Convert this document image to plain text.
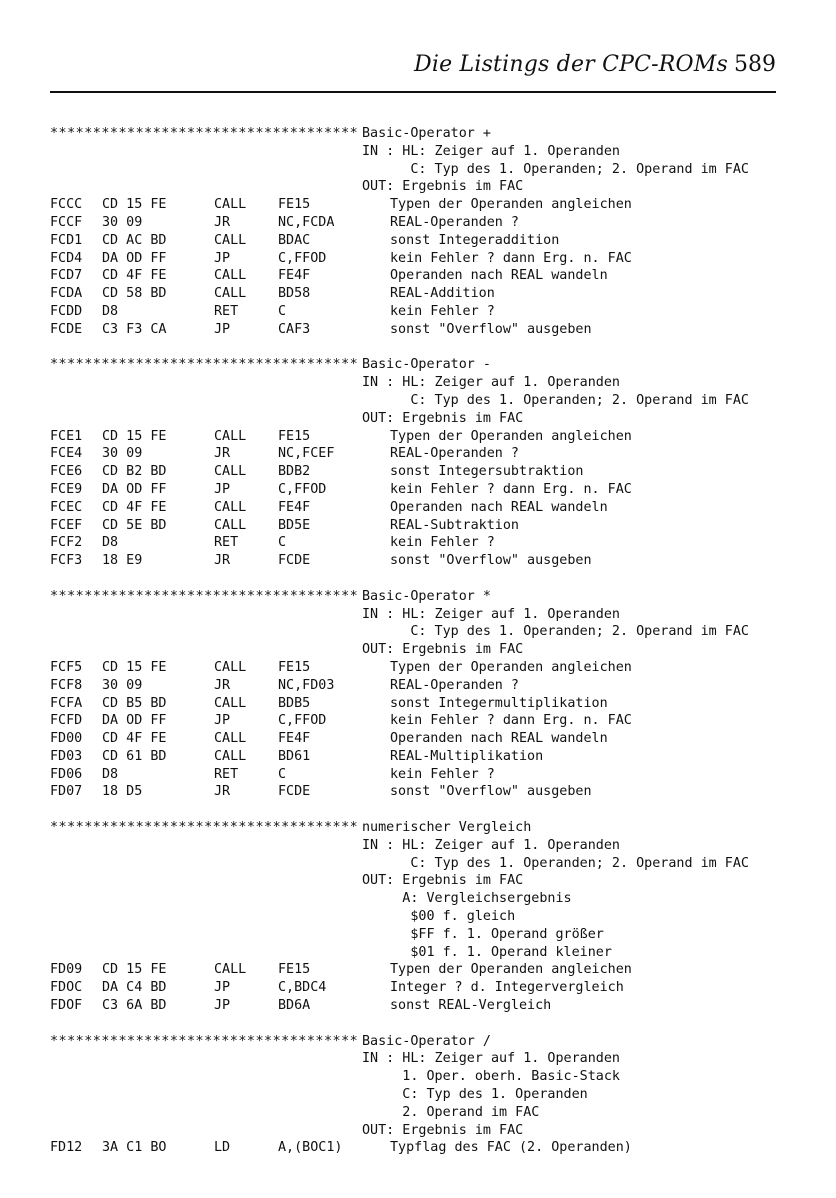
Die Listings der CPC-ROMs 589
************************************ Basic-Operator +
IN : HL: Zeiger auf 1. Operanden
C: Typ des 1. Operanden; 2. Operand im FAC
OUT: Ergebnis im FAC
FCCC CD 15 FE	CALL FE15	Typen der Operanden angleichen
FCCF 30 09	JR	NC,FCDA	REAL-Operanden ?
FCD1 CD AC BD	CALL BDAC	sonst Integeraddition
FCD4 DA OD FF	JP	C,FFOD	kein Fehler ? dann Erg. n. FAC
FCD7 CD 4F FE	CALL FE4F	Operanden nach REAL wandeln
FCDA CD 58 BD	CALL BD58	REAL-Addition
FCDD D8	RET	C	kein Fehler ?
FCDE C3 F3 CA	JP	CAF3	sonst "Overflow" ausgeben
************************************ Basic-Operator -
IN : HL: Zeiger auf 1. Operanden
C: Typ des 1. Operanden; 2. Operand im FAC
OUT: Ergebnis im FAC
FCE1 CD 15 FE	CALL FE15	Typen der Operanden angleichen
FCE4 30 09	JR	NC,FCEF	REAL-Operanden ?
FCE6 CD B2 BD	CALL BDB2	sonst Integersubtraktion
FCE9 DA OD FF	JP	C,FFOD	kein Fehler ? dann Erg. n. FAC
FCEC CD 4F FE	CALL FE4F	Operanden nach REAL wandeln
FCEF CD 5E BD	CALL BD5E	REAL-Subtraktion
FCF2 D8	RET	C	kein Fehler ?
FCF3 18 E9	JR	FCDE	sonst "Overflow" ausgeben
************************************ Basic-Operator *
IN : HL: Zeiger auf 1. Operanden
C: Typ des 1. Operanden; 2. Operand im FAC
OUT: Ergebnis im FAC
FCF5 CD 15 FE	CALL FE15	Typen der Operanden angleichen
FCF8 30 09	JR	NC,FD03	REAL-Operanden ?
FCFA CD B5 BD	CALL BDB5	sonst Integermultiplikation
FCFD DA OD FF	JP	C,FFOD	kein Fehler ? dann Erg. n. FAC
FD00 CD 4F FE	CALL FE4F	Operanden nach REAL wandeln
FD03 CD 61 BD	CALL BD61	REAL-Multiplikation
FD06 D8	RET	C	kein Fehler ?
FD07 18 D5	JR	FCDE	sonst "Overflow" ausgeben
************************************ numerischer Vergleich
IN : HL: Zeiger auf 1. Operanden
C: Typ des 1. Operanden; 2. Operand im FAC
OUT: Ergebnis im FAC
A: Vergleichsergebnis
$00 f. gleich
$FF f. 1. Operand größer
$01 f. 1. Operand kleiner
FD09 CD 15 FE	CALL FE15	Typen der Operanden angleichen
FDOC DA C4 BD	JP	C,BDC4	Integer ? d. Integervergleich
FDOF C3 6A BD	JP	BD6A	sonst REAL-Vergleich
************************************ Basic-Operator /
IN : HL: Zeiger auf 1. Operanden
1. Oper. oberh. Basic-Stack
C: Typ des 1. Operanden
2. Operand im FAC
OUT: Ergebnis im FAC
FD12 3A C1 BO	LD	A,(BOC1)	Typflag des FAC (2. Operanden)
